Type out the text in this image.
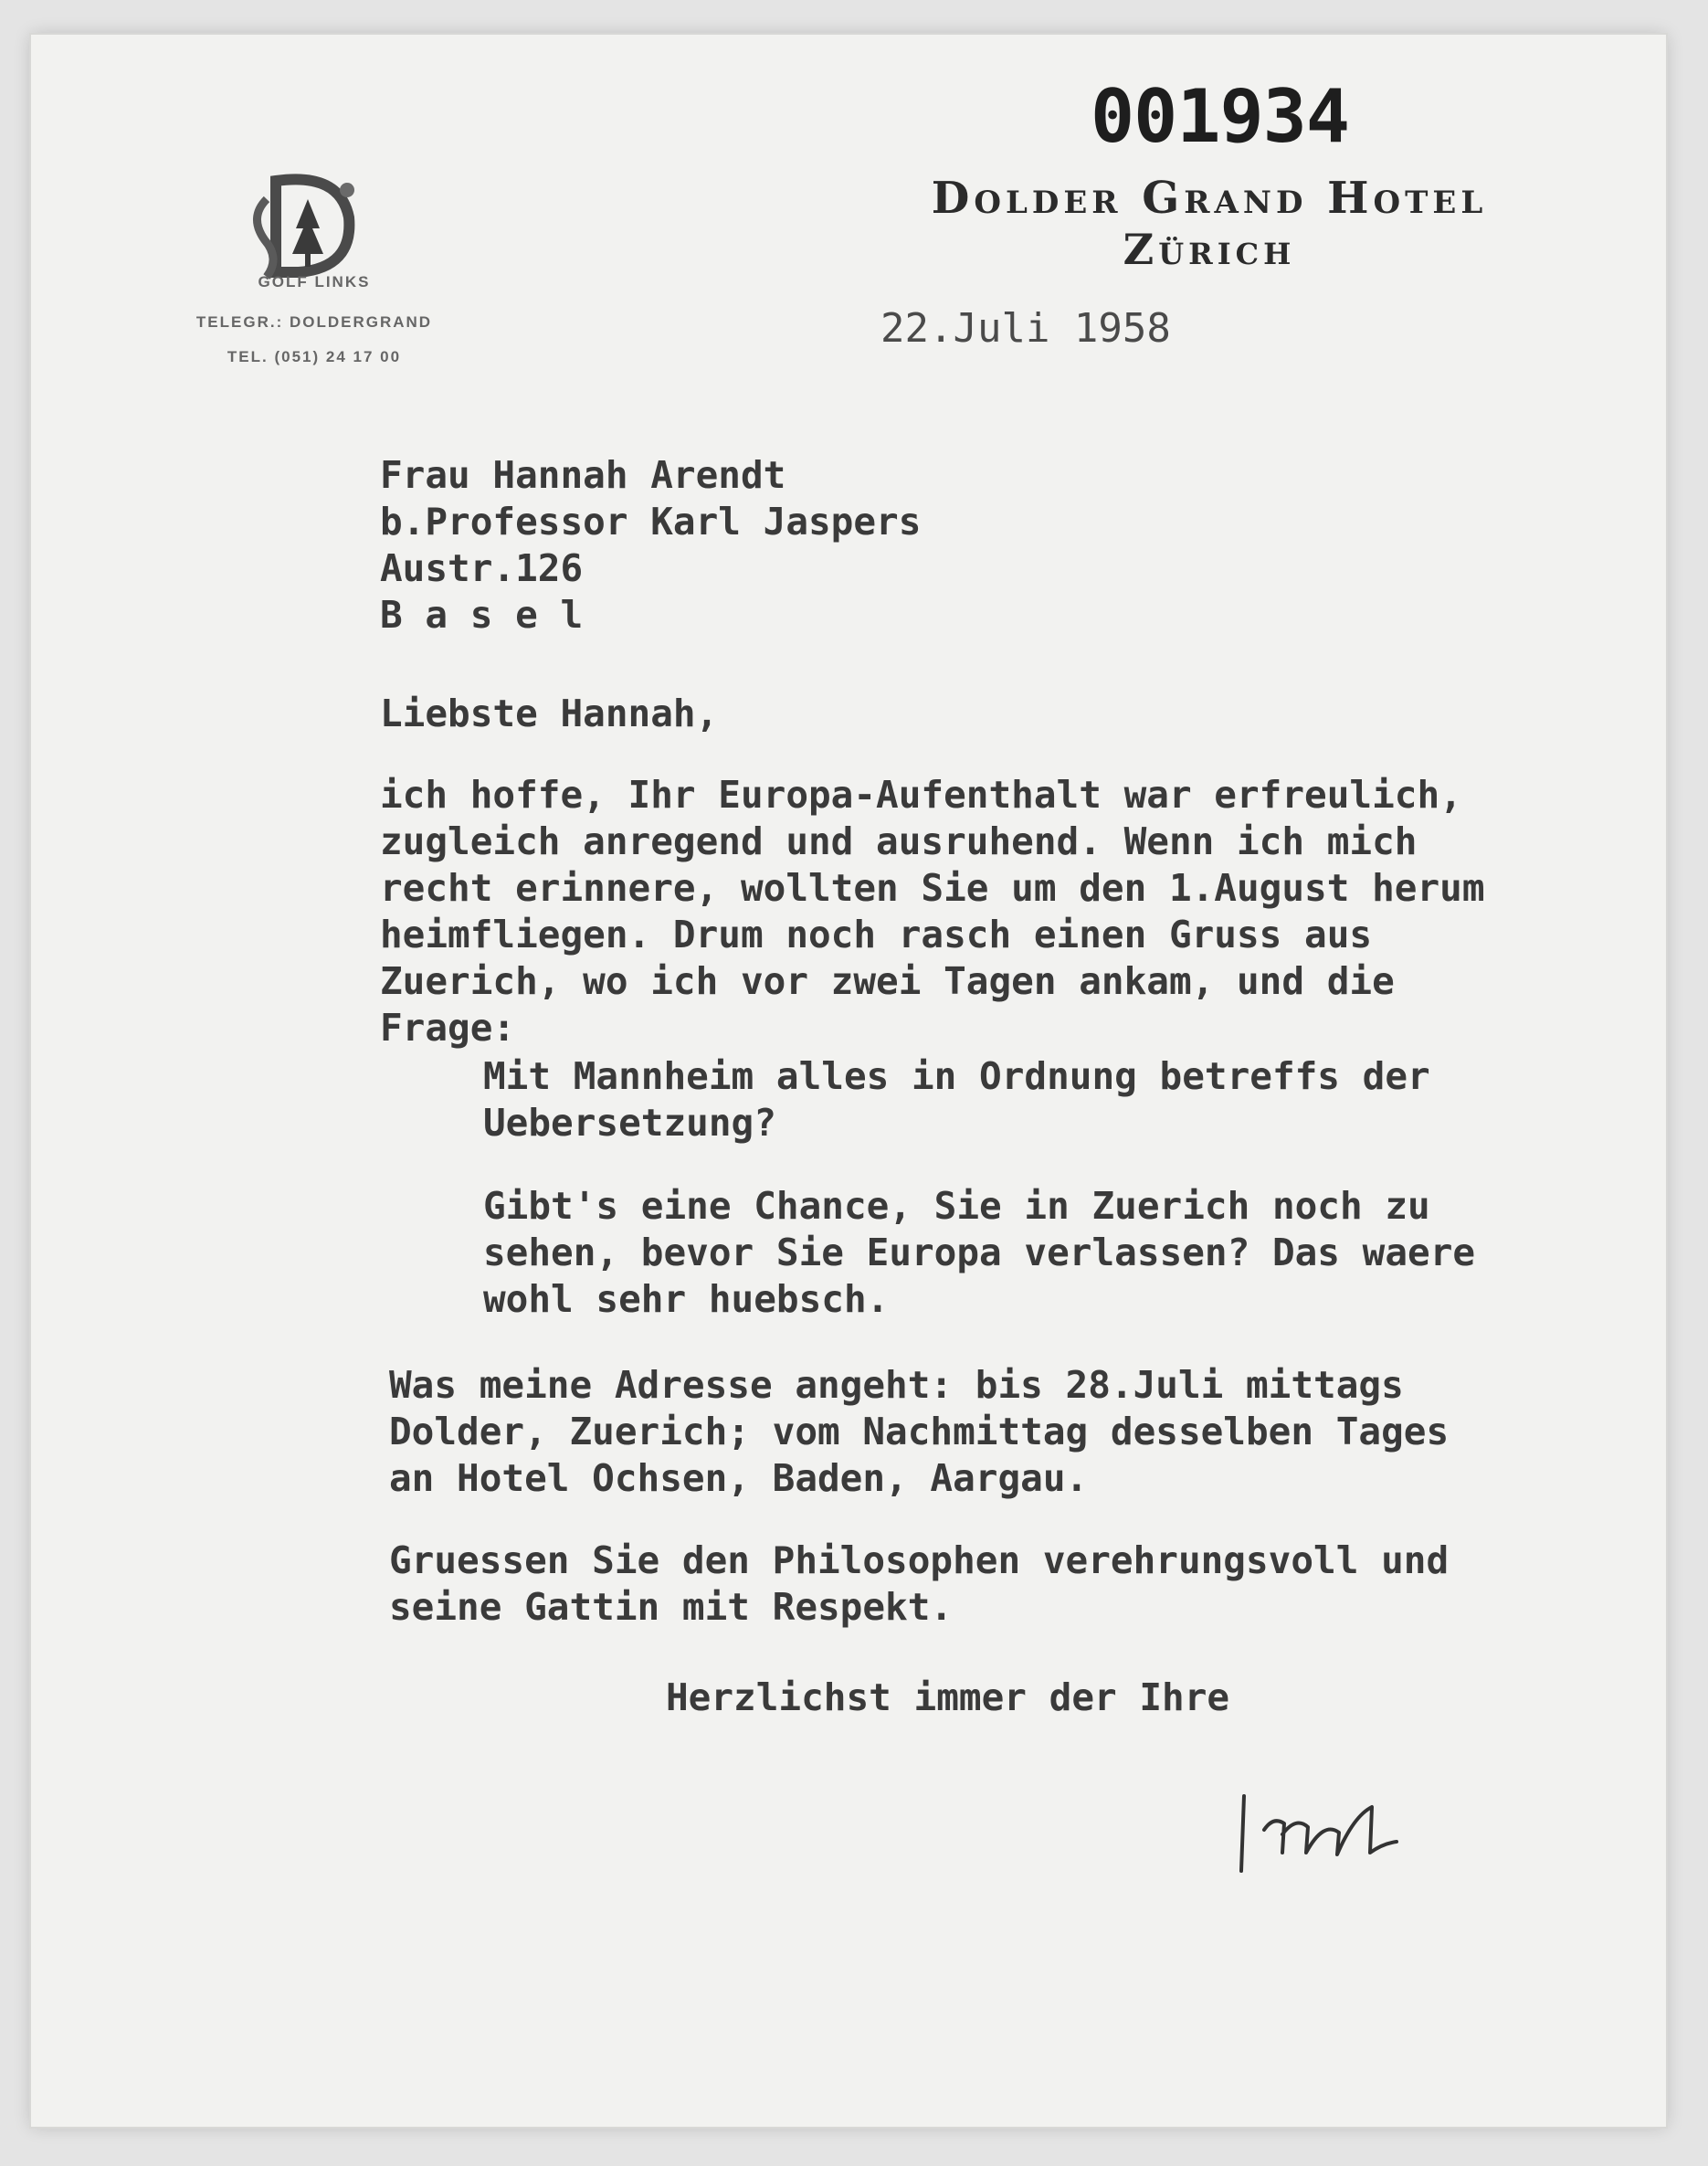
001934
Dolder Grand Hotel
Zürich
GOLF LINKS
TELEGR.: DOLDERGRAND
TEL. (051) 24 17 00
22.Juli 1958
Frau Hannah Arendt
b.Professor Karl Jaspers
Austr.126
B a s e l
Liebste Hannah,
ich hoffe, Ihr Europa-Aufenthalt war erfreulich,
zugleich anregend und ausruhend. Wenn ich mich
recht erinnere, wollten Sie um den 1.August herum
heimfliegen. Drum noch rasch einen Gruss aus
Zuerich, wo ich vor zwei Tagen ankam, und die
Frage:
Mit Mannheim alles in Ordnung betreffs der
Uebersetzung?
Gibt's eine Chance, Sie in Zuerich noch zu
sehen, bevor Sie Europa verlassen? Das waere
wohl sehr huebsch.
Was meine Adresse angeht: bis 28.Juli mittags
Dolder, Zuerich; vom Nachmittag desselben Tages
an Hotel Ochsen, Baden, Aargau.
Gruessen Sie den Philosophen verehrungsvoll und
seine Gattin mit Respekt.
Herzlichst immer der Ihre
